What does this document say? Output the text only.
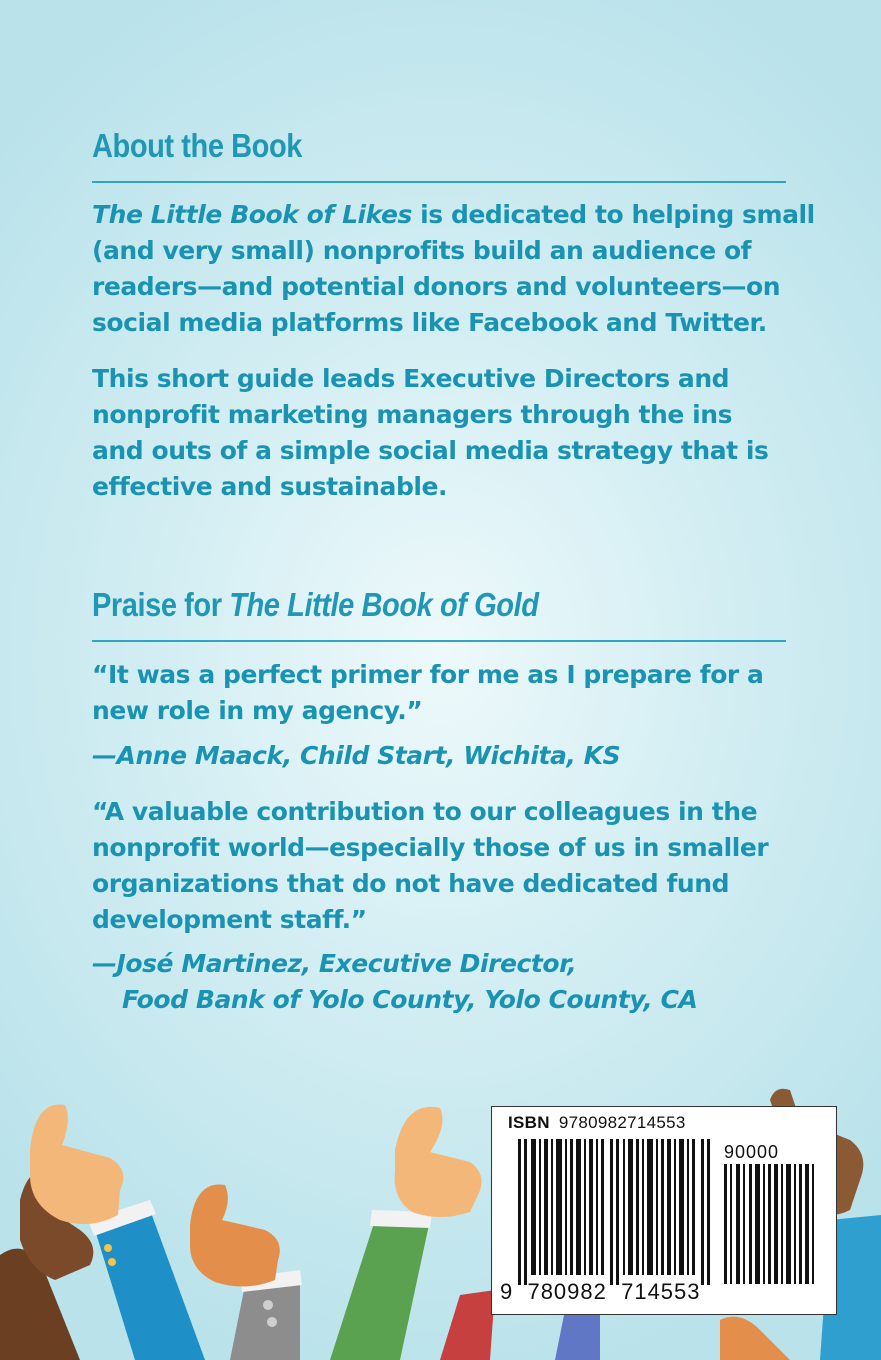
About the Book
The Little Book of Likes is dedicated to helping small
(and very small) nonprofits build an audience of
readers—and potential donors and volunteers—on
social media platforms like Facebook and Twitter.
This short guide leads Executive Directors and
nonprofit marketing managers through the ins
and outs of a simple social media strategy that is
effective and sustainable.
Praise for The Little Book of Gold
“It was a perfect primer for me as I prepare for a
new role in my agency.”
—Anne Maack, Child Start, Wichita, KS
“A valuable contribution to our colleagues in the
nonprofit world—especially those of us in smaller
organizations that do not have dedicated fund
development staff.”
—José Martinez, Executive Director,
Food Bank of Yolo County, Yolo County, CA
ISBN 9780982714553
90000
9  780982  714553
